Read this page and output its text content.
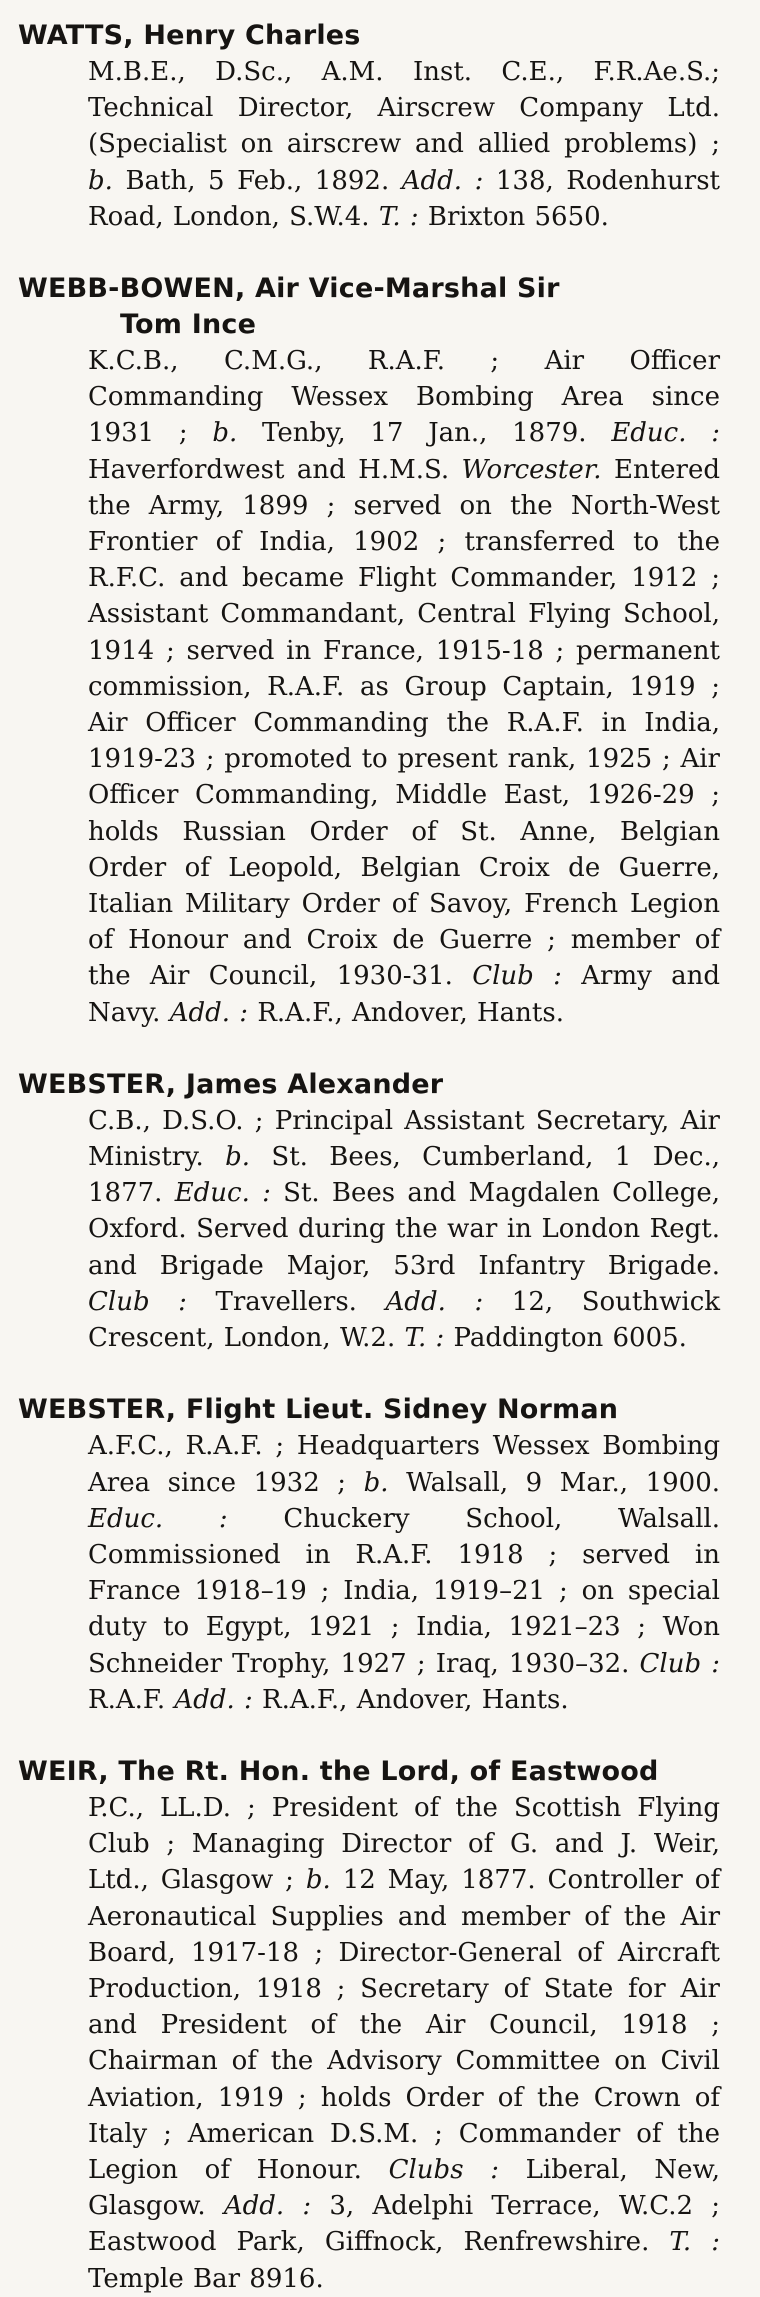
WATTS, Henry Charles

M.B.E., D.Sc., A.M. Inst. C.E., F.R.Ae.S.; Technical Director, Airscrew Company Ltd. (Specialist on airscrew and allied problems) ; b. Bath, 5 Feb., 1892. Add. : 138, Rodenhurst Road, London, S.W.4. T. : Brixton 5650.

WEBB-BOWEN, Air Vice-Marshal Sir
Tom Ince

K.C.B., C.M.G., R.A.F. ; Air Officer Commanding Wessex Bombing Area since 1931 ; b. Tenby, 17 Jan., 1879. Educ. : Haverfordwest and H.M.S. Worcester. Entered the Army, 1899 ; served on the North-West Frontier of India, 1902 ; transferred to the R.F.C. and became Flight Commander, 1912 ; Assistant Commandant, Central Flying School, 1914 ; served in France, 1915-18 ; permanent commission, R.A.F. as Group Captain, 1919 ; Air Officer Commanding the R.A.F. in India, 1919-23 ; promoted to present rank, 1925 ; Air Officer Commanding, Middle East, 1926-29 ; holds Russian Order of St. Anne, Belgian Order of Leopold, Belgian Croix de Guerre, Italian Military Order of Savoy, French Legion of Honour and Croix de Guerre ; member of the Air Council, 1930-31. Club : Army and Navy. Add. : R.A.F., Andover, Hants.

WEBSTER, James Alexander

C.B., D.S.O. ; Principal Assistant Secretary, Air Ministry. b. St. Bees, Cumberland, 1 Dec., 1877. Educ. : St. Bees and Magdalen College, Oxford. Served during the war in London Regt. and Brigade Major, 53rd Infantry Brigade. Club : Travellers. Add. : 12, Southwick Crescent, London, W.2. T. : Paddington 6005.

WEBSTER, Flight Lieut. Sidney Norman

A.F.C., R.A.F. ; Headquarters Wessex Bombing Area since 1932 ; b. Walsall, 9 Mar., 1900. Educ. : Chuckery School, Walsall. Commissioned in R.A.F. 1918 ; served in France 1918–19 ; India, 1919–21 ; on special duty to Egypt, 1921 ; India, 1921–23 ; Won Schneider Trophy, 1927 ; Iraq, 1930–32. Club : R.A.F. Add. : R.A.F., Andover, Hants.

WEIR, The Rt. Hon. the Lord, of Eastwood

P.C., LL.D. ; President of the Scottish Flying Club ; Managing Director of G. and J. Weir, Ltd., Glasgow ; b. 12 May, 1877. Controller of Aeronautical Supplies and member of the Air Board, 1917-18 ; Director-General of Aircraft Production, 1918 ; Secretary of State for Air and President of the Air Council, 1918 ; Chairman of the Advisory Committee on Civil Aviation, 1919 ; holds Order of the Crown of Italy ; American D.S.M. ; Commander of the Legion of Honour. Clubs : Liberal, New, Glasgow. Add. : 3, Adelphi Terrace, W.C.2 ; Eastwood Park, Giffnock, Renfrewshire. T. : Temple Bar 8916.
